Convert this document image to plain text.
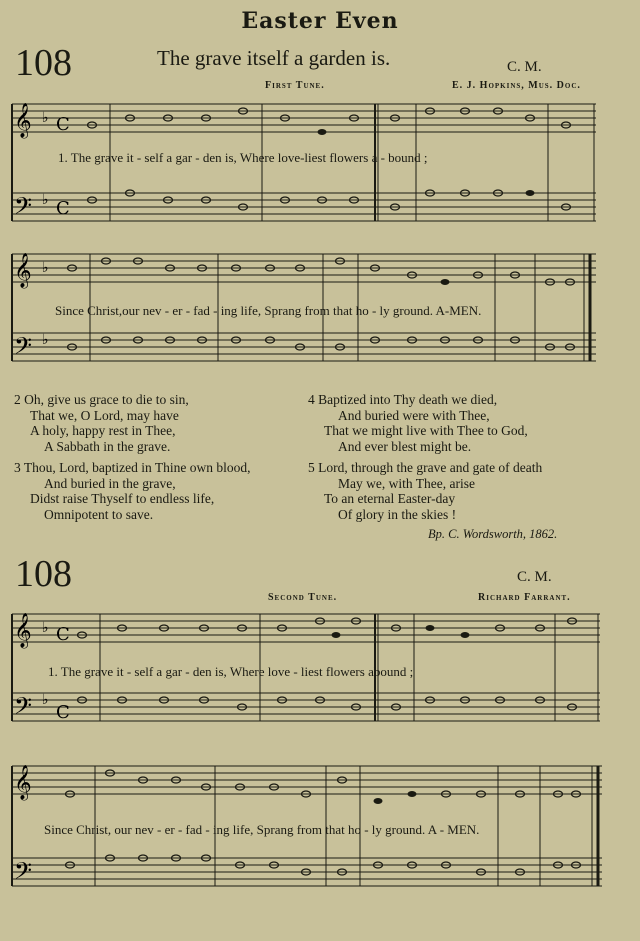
Easter Even
108	The grave itself a garden is.	C. M.
First Tune.	E. J. Hopkins, Mus. Doc.
𝄞
𝄢
♭
♭
C
C
1. The grave it - self a gar - den is, Where love-liest flowers a - bound ;
𝄞
𝄢
♭
♭
Since Christ,our nev - er - fad - ing life, Sprang from that ho - ly ground. A-MEN.
2 Oh, give us grace to die to sin,
That we, O Lord, may have
A holy, happy rest in Thee,
A Sabbath in the grave.
3 Thou, Lord, baptized in Thine own blood,
And buried in the grave,
Didst raise Thyself to endless life,
Omnipotent to save.
4 Baptized into Thy death we died,
And buried were with Thee,
That we might live with Thee to God,
And ever blest might be.
5 Lord, through the grave and gate of death
May we, with Thee, arise
To an eternal Easter-day
Of glory in the skies !
Bp. C. Wordsworth, 1862.
108	C. M.
Second Tune.	Richard Farrant.
𝄞
𝄢
♭
♭
C
C
1. The grave it - self a gar - den is, Where love - liest flowers abound ;
𝄞
𝄢
Since Christ, our nev - er - fad - ing life, Sprang from that ho - ly ground. A - MEN.
